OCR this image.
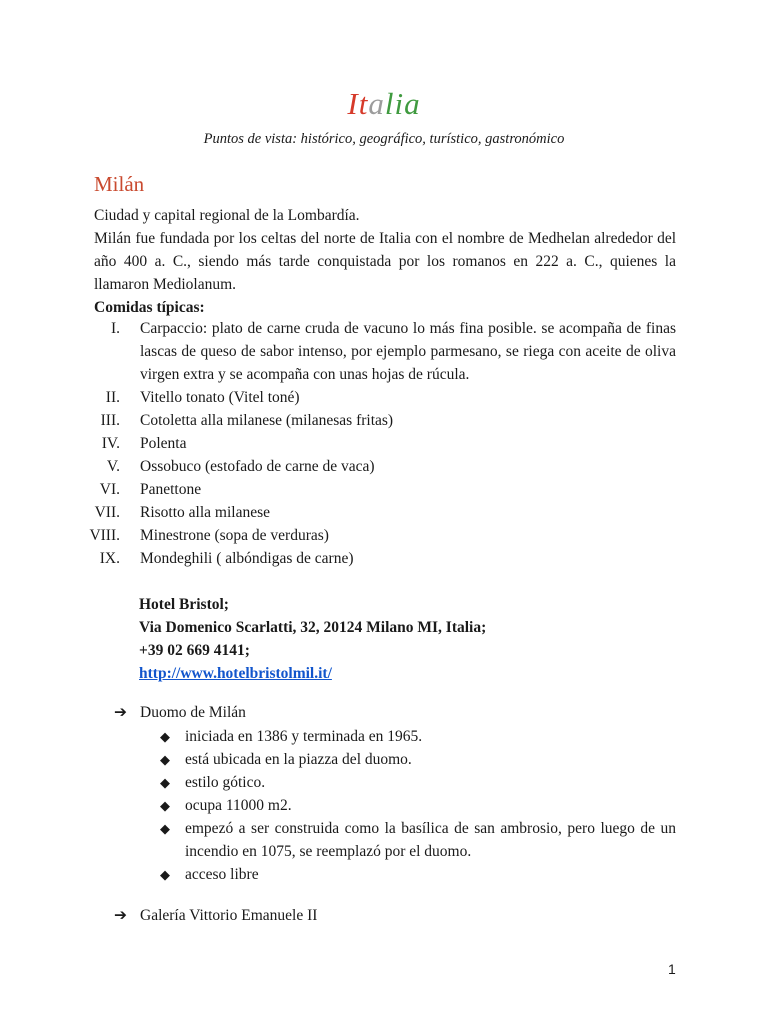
Italia
Puntos de vista: histórico, geográfico, turístico, gastronómico
Milán
Ciudad y capital regional de la Lombardía.
Milán fue fundada por los celtas del norte de Italia con el nombre de Medhelan alrededor del año 400 a. C., siendo más tarde conquistada por los romanos en 222 a. C., quienes la llamaron Mediolanum.
Comidas típicas:
I.	Carpaccio: plato de carne cruda de vacuno lo más fina posible. se acompaña de finas lascas de queso de sabor intenso, por ejemplo parmesano, se riega con aceite de oliva virgen extra y se acompaña con unas hojas de rúcula.
II.	Vitello tonato (Vitel toné)
III.	Cotoletta alla milanese (milanesas fritas)
IV.	Polenta
V.	Ossobuco (estofado de carne de vaca)
VI.	Panettone
VII.	Risotto alla milanese
VIII.	Minestrone (sopa de verduras)
IX.	Mondeghili ( albóndigas de carne)
Hotel Bristol;
Via Domenico Scarlatti, 32, 20124 Milano MI, Italia;
+39 02 669 4141;
http://www.hotelbristolmil.it/
➔ Duomo de Milán
◆ iniciada en 1386 y terminada en 1965.
◆ está ubicada en la piazza del duomo.
◆ estilo gótico.
◆ ocupa 11000 m2.
◆ empezó a ser construida como la basílica de san ambrosio, pero luego de un incendio en 1075, se reemplazó por el duomo.
◆ acceso libre
➔ Galería Vittorio Emanuele II
1
